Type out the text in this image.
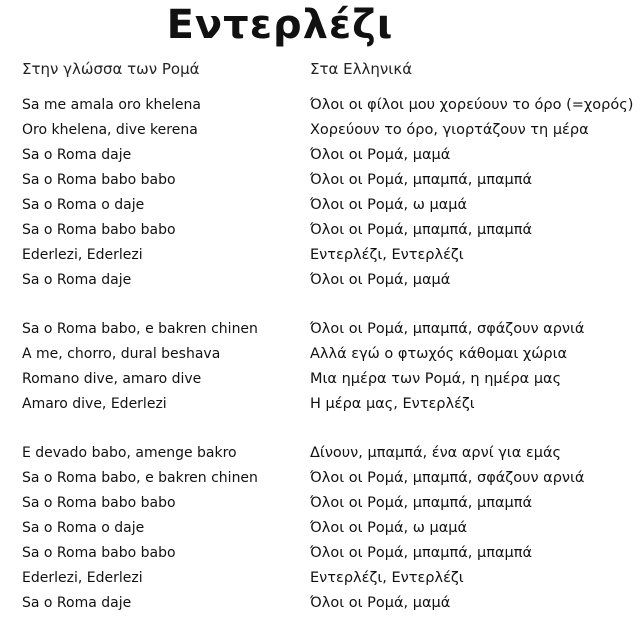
Εντερλέζι
Στην γλώσσα των Ρομά	Στα Ελληνικά
Sa me amala oro khelena
Oro khelena, dive kerena
Sa o Roma daje
Sa o Roma babo babo
Sa o Roma o daje
Sa o Roma babo babo
Ederlezi, Ederlezi
Sa o Roma daje
Sa o Roma babo, e bakren chinen
A me, chorro, dural beshava
Romano dive, amaro dive
Amaro dive, Ederlezi
E devado babo, amenge bakro
Sa o Roma babo, e bakren chinen
Sa o Roma babo babo
Sa o Roma o daje
Sa o Roma babo babo
Ederlezi, Ederlezi
Sa o Roma daje
Όλοι οι φίλοι μου χορεύουν το όρο (=χορός)
Χορεύουν το όρο, γιορτάζουν τη μέρα
Όλοι οι Ρομά, μαμά
Όλοι οι Ρομά, μπαμπά, μπαμπά
Όλοι οι Ρομά, ω μαμά
Όλοι οι Ρομά, μπαμπά, μπαμπά
Εντερλέζι, Εντερλέζι
Όλοι οι Ρομά, μαμά
Όλοι οι Ρομά, μπαμπά, σφάζουν αρνιά
Αλλά εγώ ο φτωχός κάθομαι χώρια
Μια ημέρα των Ρομά, η ημέρα μας
Η μέρα μας, Εντερλέζι
Δίνουν, μπαμπά, ένα αρνί για εμάς
Όλοι οι Ρομά, μπαμπά, σφάζουν αρνιά
Όλοι οι Ρομά, μπαμπά, μπαμπά
Όλοι οι Ρομά, ω μαμά
Όλοι οι Ρομά, μπαμπά, μπαμπά
Εντερλέζι, Εντερλέζι
Όλοι οι Ρομά, μαμά
